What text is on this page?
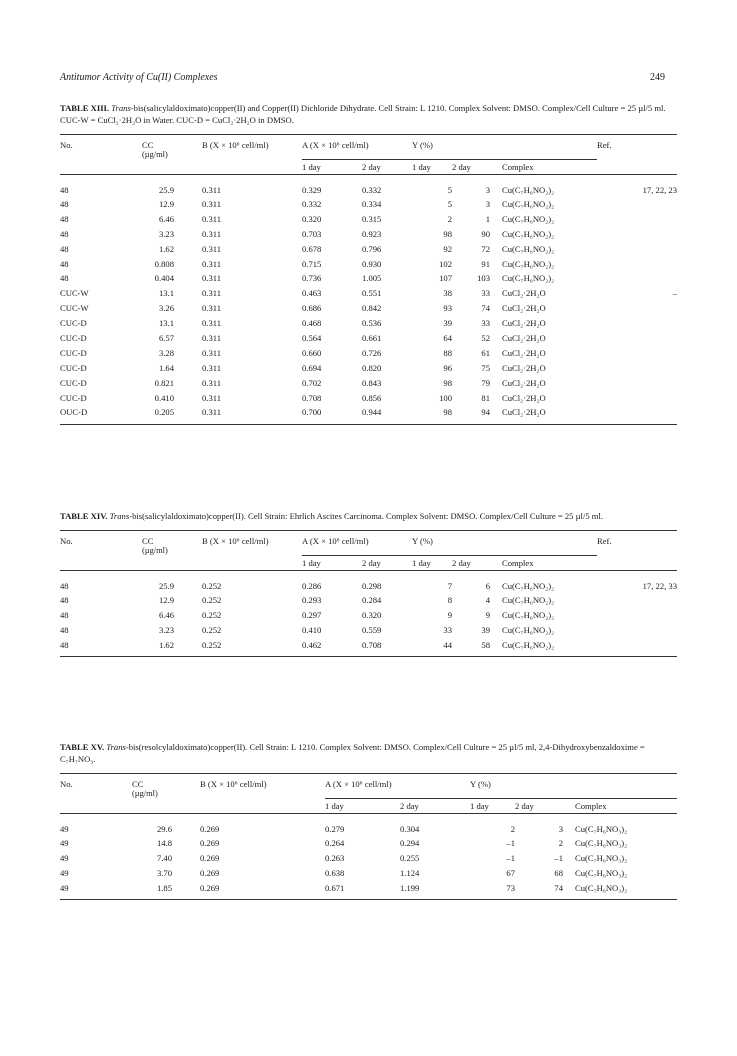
Antitumor Activity of Cu(II) Complexes	249

TABLE XIII. Trans-bis(salicylaldoximato)copper(II) and Copper(II) Dichloride Dihydrate. Cell Strain: L 1210. Complex Solvent: DMSO. Complex/Cell Culture = 25 µl/5 ml. CUC-W = CuCl₂·2H₂O in Water. CUC-D = CuCl₂·2H₂O in DMSO.

No.	CC
(µg/ml)	B (X × 10⁶ cell/ml)	A (X × 10⁶ cell/ml)		Y (%)			Ref.
			1 day	2 day	1 day	2 day	Complex	
48	25.9	0.311	0.329	0.332	5	3	Cu(C₇H₆NO₂)₂	17, 22, 23
48	12.9	0.311	0.332	0.334	5	3	Cu(C₇H₆NO₂)₂	
48	6.46	0.311	0.320	0.315	2	1	Cu(C₇H₆NO₂)₂	
48	3.23	0.311	0.703	0.923	98	90	Cu(C₇H₆NO₂)₂	
48	1.62	0.311	0.678	0.796	92	72	Cu(C₇H₆NO₂)₂	
48	0.808	0.311	0.715	0.930	102	91	Cu(C₇H₆NO₂)₂	
48	0.404	0.311	0.736	1.005	107	103	Cu(C₇H₆NO₂)₂	
CUC-W	13.1	0.311	0.463	0.551	38	33	CuCl₂·2H₂O	–
CUC-W	3.26	0.311	0.686	0.842	93	74	CuCl₂·2H₂O	
CUC-D	13.1	0.311	0.468	0.536	39	33	CuCl₂·2H₂O	
CUC-D	6.57	0.311	0.564	0.661	64	52	CuCl₂·2H₂O	
CUC-D	3.28	0.311	0.660	0.726	88	61	CuCl₂·2H₂O	
CUC-D	1.64	0.311	0.694	0.820	96	75	CuCl₂·2H₂O	
CUC-D	0.821	0.311	0.702	0.843	98	79	CuCl₂·2H₂O	
CUC-D	0.410	0.311	0.708	0.856	100	81	CuCl₂·2H₂O	
OUC-D	0.205	0.311	0.700	0.944	98	94	CuCl₂·2H₂O	

TABLE XIV. Trans-bis(salicylaldoximato)copper(II). Cell Strain: Ehrlich Ascites Carcinoma. Complex Solvent: DMSO. Complex/Cell Culture = 25 µl/5 ml.

No.	CC
(µg/ml)	B (X × 10⁶ cell/ml)	A (X × 10⁶ cell/ml)		Y (%)			Ref.
			1 day	2 day	1 day	2 day	Complex	
48	25.9	0.252	0.286	0.298	7	6	Cu(C₇H₆NO₂)₂	17, 22, 33
48	12.9	0.252	0.293	0.284	8	4	Cu(C₇H₆NO₂)₂	
48	6.46	0.252	0.297	0.320	9	9	Cu(C₇H₆NO₂)₂	
48	3.23	0.252	0.410	0.559	33	39	Cu(C₇H₆NO₂)₂	
48	1.62	0.252	0.462	0.708	44	58	Cu(C₇H₆NO₂)₂	

TABLE XV. Trans-bis(resolcylaldoximato)copper(II). Cell Strain: L 1210. Complex Solvent: DMSO. Complex/Cell Culture = 25 µl/5 ml, 2,4-Dihydroxybenzaldoxime = C₇H₇NO₃.

No.	CC
(µg/ml)	B (X × 10⁶ cell/ml)	A (X × 10⁶ cell/ml)		Y (%)		
			1 day	2 day	1 day	2 day	Complex
49	29.6	0.269	0.279	0.304	2	3	Cu(C₇H₆NO₃)₂
49	14.8	0.269	0.264	0.294	–1	2	Cu(C₇H₆NO₃)₂
49	7.40	0.269	0.263	0.255	–1	–1	Cu(C₇H₆NO₃)₂
49	3.70	0.269	0.638	1.124	67	68	Cu(C₇H₆NO₃)₂
49	1.85	0.269	0.671	1.199	73	74	Cu(C₇H₆NO₃)₂
